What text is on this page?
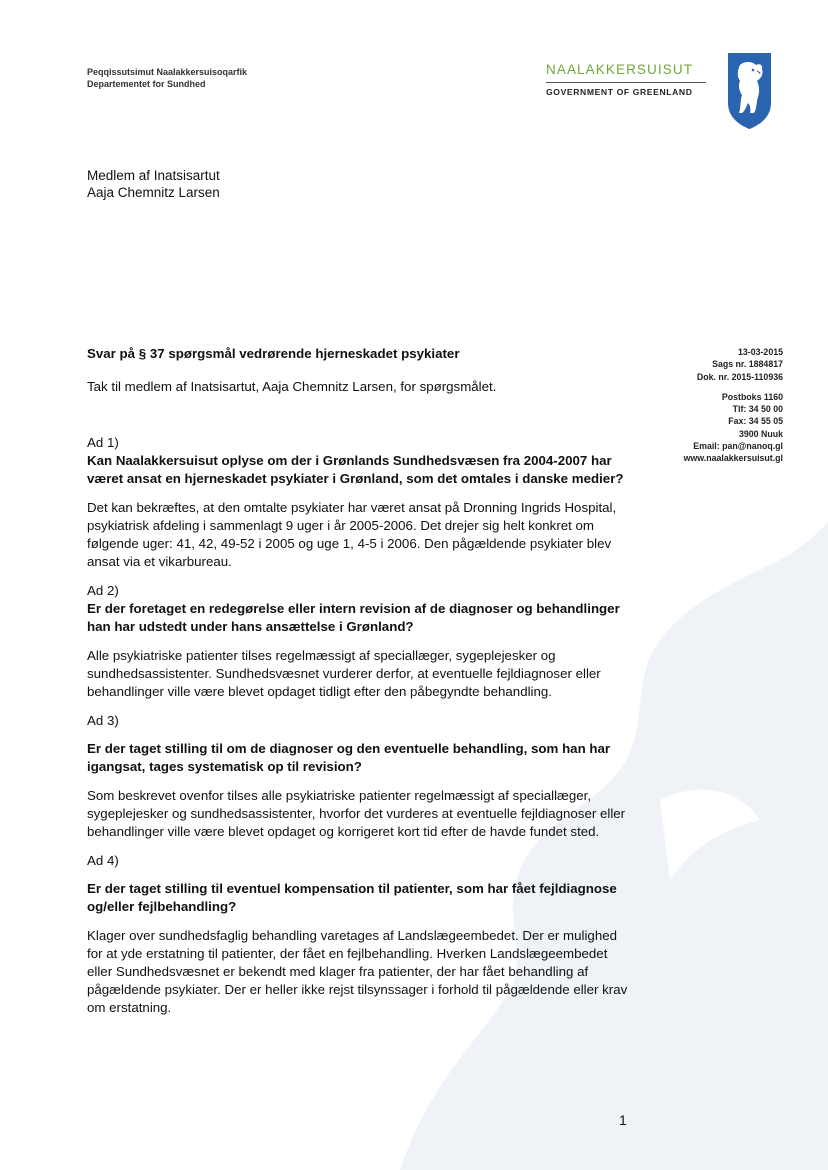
Peqqissutsimut Naalakkersuisoqarfik
Departementet for Sundhed
NAALAKKERSUISUT
GOVERNMENT OF GREENLAND
Medlem af Inatsisartut
Aaja Chemnitz Larsen
13-03-2015
Sags nr. 1884817
Dok. nr. 2015-110936
Postboks 1160
Tlf: 34 50 00
Fax: 34 55 05
3900 Nuuk
Email: pan@nanoq.gl
www.naalakkersuisut.gl

Svar på § 37 spørgsmål vedrørende hjerneskadet psykiater

Tak til medlem af Inatsisartut, Aaja Chemnitz Larsen, for spørgsmålet.

Ad 1)

Kan Naalakkersuisut oplyse om der i Grønlands Sundhedsvæsen fra 2004-2007 har været ansat en hjerneskadet psykiater i Grønland, som det omtales i danske medier?

Det kan bekræftes, at den omtalte psykiater har været ansat på Dronning Ingrids Hospital, psykiatrisk afdeling i sammenlagt 9 uger i år 2005-2006. Det drejer sig helt konkret om følgende uger: 41, 42, 49-52 i 2005 og uge 1, 4-5 i 2006. Den pågældende psykiater blev ansat via et vikarbureau.

Ad 2)

Er der foretaget en redegørelse eller intern revision af de diagnoser og behandlinger han har udstedt under hans ansættelse i Grønland?

Alle psykiatriske patienter tilses regelmæssigt af speciallæger, sygeplejesker og sundhedsassistenter. Sundhedsvæsnet vurderer derfor, at eventuelle fejldiagnoser eller behandlinger ville være blevet opdaget tidligt efter den påbegyndte behandling.

Ad 3)

Er der taget stilling til om de diagnoser og den eventuelle behandling, som han har igangsat, tages systematisk op til revision?

Som beskrevet ovenfor tilses alle psykiatriske patienter regelmæssigt af speciallæger, sygeplejesker og sundhedsassistenter, hvorfor det vurderes at eventuelle fejldiagnoser eller behandlinger ville være blevet opdaget og korrigeret kort tid efter de havde fundet sted.

Ad 4)

Er der taget stilling til eventuel kompensation til patienter, som har fået fejldiagnose og/eller fejlbehandling?

Klager over sundhedsfaglig behandling varetages af Landslægeembedet. Der er mulighed for at yde erstatning til patienter, der fået en fejlbehandling. Hverken Landslægeembedet eller Sundhedsvæsnet er bekendt med klager fra patienter, der har fået behandling af pågældende psykiater. Der er heller ikke rejst tilsynssager i forhold til pågældende eller krav om erstatning.

1
